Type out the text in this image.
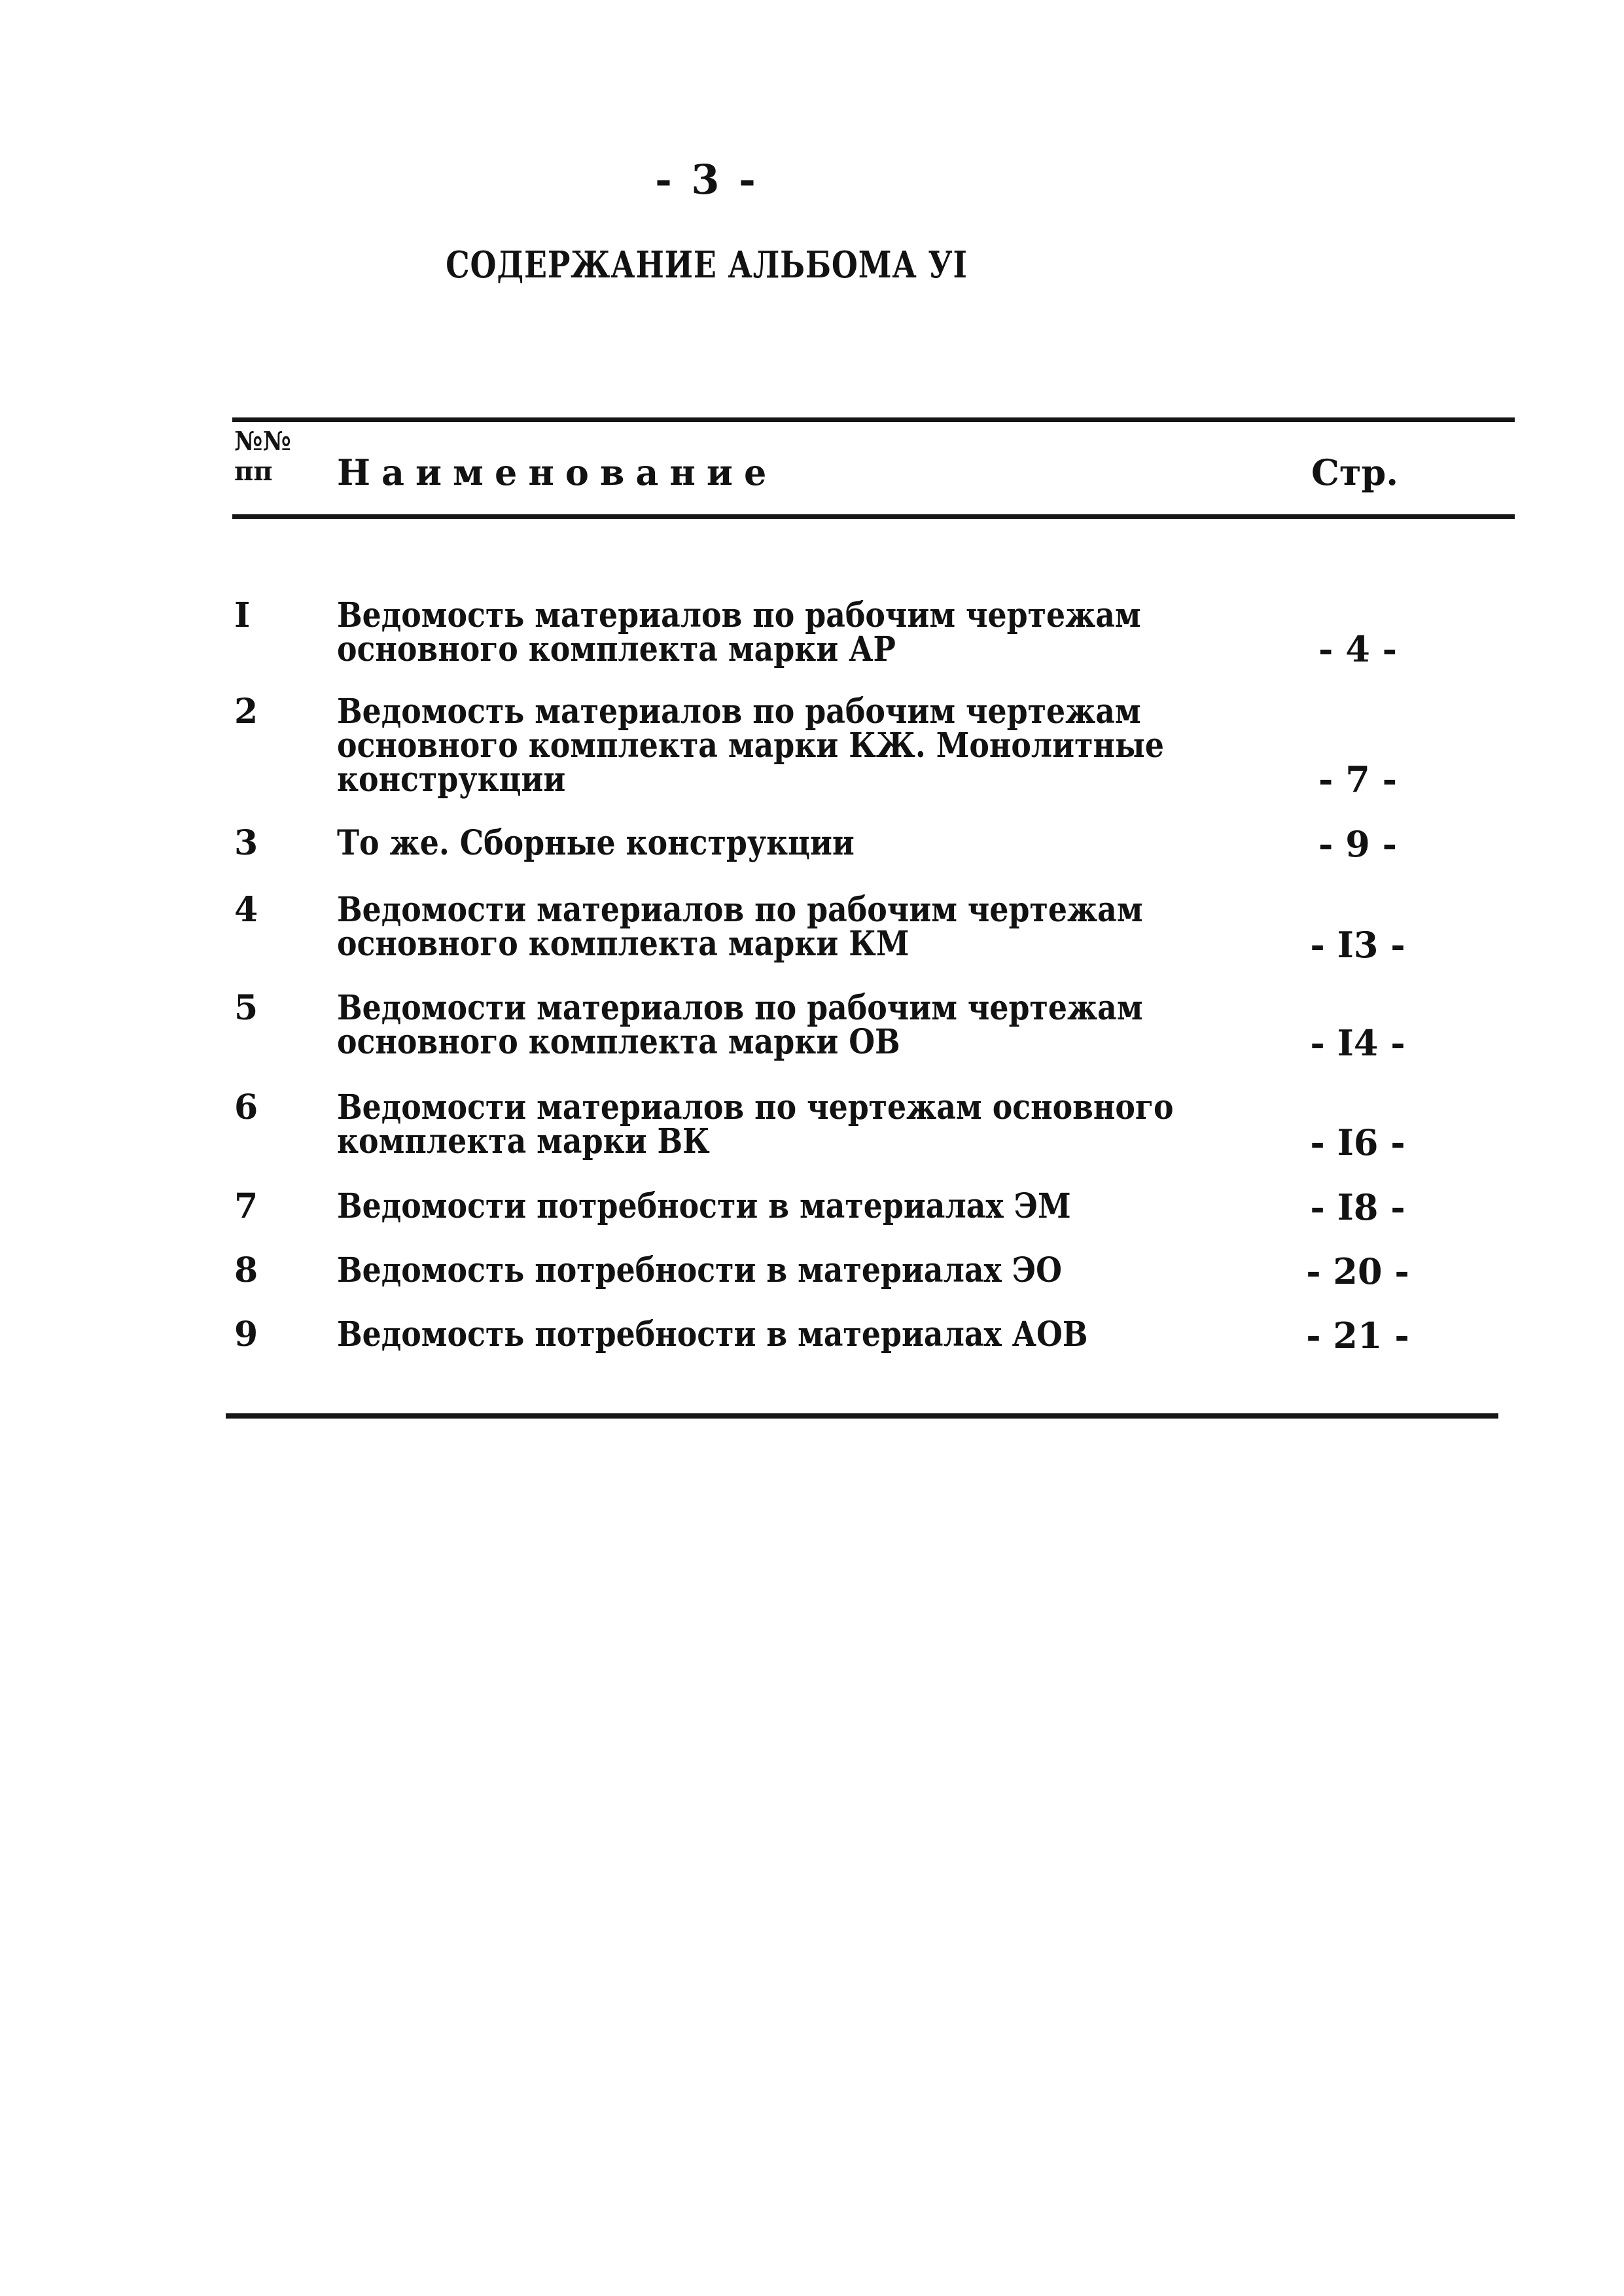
- 3 -
СОДЕРЖАНИЕ АЛЬБОМА УI
№№
пп	Наименование	Стр.
I	Ведомость материалов по рабочим чертежам
основного комплекта марки АР	- 4 -
2 Ведомость материалов по рабочим чертежам
основного комплекта марки КЖ. Монолитные
конструкции	- 7 -
3 То же. Сборные конструкции	- 9 -
4 Ведомости материалов по рабочим чертежам
основного комплекта марки КМ	- I3 -
5 Ведомости материалов по рабочим чертежам
основного комплекта марки ОВ	- I4 -
6 Ведомости материалов по чертежам основного
комплекта марки ВК	- I6 -
7 Ведомости потребности в материалах ЭМ	- I8 -
8 Ведомость потребности в материалах ЭО	- 20 -
9 Ведомость потребности в материалах АОВ	- 21 -
